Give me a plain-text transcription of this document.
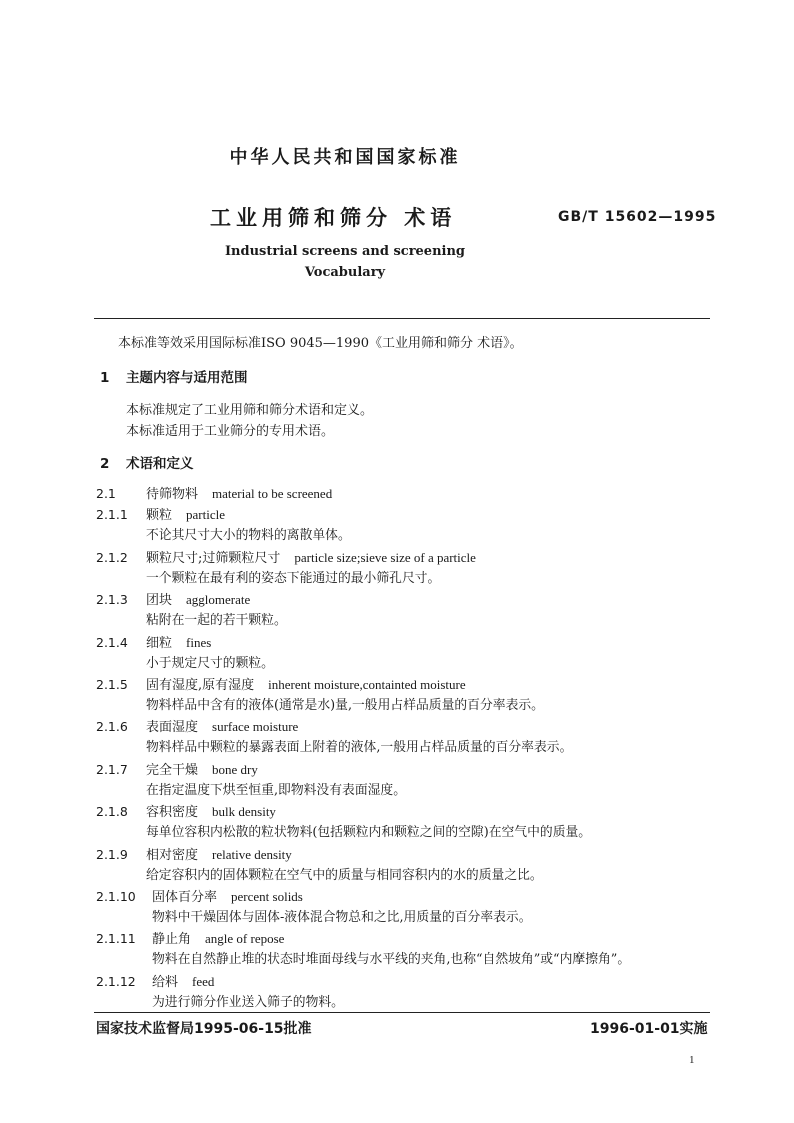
中华人民共和国国家标准
工业用筛和筛分 术语	GB/T 15602—1995
Industrial screens and screening
Vocabulary
本标准等效采用国际标准ISO 9045—1990《工业用筛和筛分 术语》。
1 主题内容与适用范围
本标准规定了工业用筛和筛分术语和定义。
本标准适用于工业筛分的专用术语。
2 术语和定义
2.1 待筛物料 material to be screened
2.1.1 颗粒 particle
不论其尺寸大小的物料的离散单体。
2.1.2 颗粒尺寸;过筛颗粒尺寸 particle size;sieve size of a particle
一个颗粒在最有利的姿态下能通过的最小筛孔尺寸。
2.1.3 团块 agglomerate
粘附在一起的若干颗粒。
2.1.4 细粒 fines
小于规定尺寸的颗粒。
2.1.5 固有湿度,原有湿度 inherent moisture,containted moisture
物料样品中含有的液体(通常是水)量,一般用占样品质量的百分率表示。
2.1.6 表面湿度 surface moisture
物料样品中颗粒的暴露表面上附着的液体,一般用占样品质量的百分率表示。
2.1.7 完全干燥 bone dry
在指定温度下烘至恒重,即物料没有表面湿度。
2.1.8 容积密度 bulk density
每单位容积内松散的粒状物料(包括颗粒内和颗粒之间的空隙)在空气中的质量。
2.1.9 相对密度 relative density
给定容积内的固体颗粒在空气中的质量与相同容积内的水的质量之比。
2.1.10 固体百分率 percent solids
物料中干燥固体与固体-液体混合物总和之比,用质量的百分率表示。
2.1.11 静止角 angle of repose
物料在自然静止堆的状态时堆面母线与水平线的夹角,也称“自然坡角”或“内摩擦角”。
2.1.12 给料 feed
为进行筛分作业送入筛子的物料。
国家技术监督局1995-06-15批准	1996-01-01实施
1
